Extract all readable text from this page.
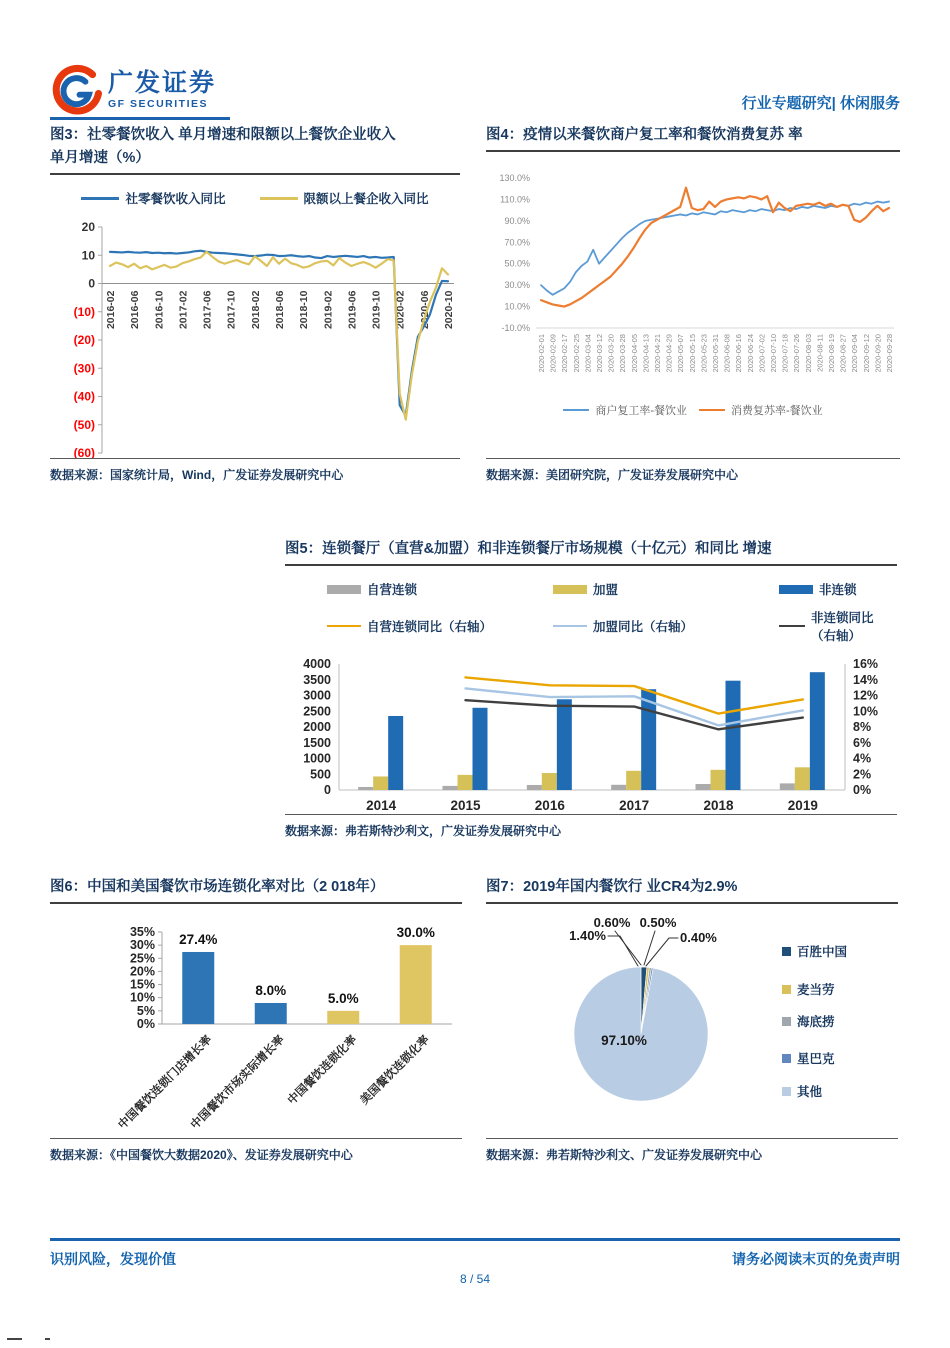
广发证券
GF SECURITIES	行业专题研究| 休闲服务
图3：社零餐饮收入 单月增速和限额以上餐饮企业收入
单月增速（%）
社零餐饮收入同比	限额以上餐企收入同比
20
10
0
(10)
(20)
(30)
(40)
(50)
(60)
2016-02 2016-06 2016-10 2017-02 2017-06 2017-10 2018-02 2018-06 2018-10 2019-02 2019-06 2019-10 2020-02 2020-06 2020-10
数据来源：国家统计局，Wind，广发证券发展研究中心
图4：疫情以来餐饮商户复工率和餐饮消费复苏 率
130.0%
110.0%
90.0%
70.0%
50.0%
30.0%
10.0%
-10.0%
2020-02-01 2020-02-09 2020-02-17 2020-02-25 2020-03-04 2020-03-12 2020-03-20 2020-03-28 2020-04-05 2020-04-13 2020-04-21 2020-04-29 2020-05-07 2020-05-15 2020-05-23 2020-05-31 2020-06-08 2020-06-16 2020-06-24 2020-07-02 2020-07-10 2020-07-18 2020-07-26 2020-08-03 2020-08-11 2020-08-19 2020-08-27 2020-09-04 2020-09-12 2020-09-20 2020-09-28
商户复工率-餐饮业	消费复苏率-餐饮业
数据来源：美团研究院，广发证券发展研究中心
图5：连锁餐厅（直营&加盟）和非连锁餐厅市场规模（十亿元）和同比 增速
自营连锁	加盟	非连锁
自营连锁同比（右轴）	加盟同比（右轴）
非连锁同比（右轴）
0
500
1000
1500
2000
2500
3000
3500
4000
0%
2%
4%
6%
8%
10%
12%
14%
16%
2014	2015	2016	2017	2018	2019
数据来源：弗若斯特沙利文，广发证券发展研究中心
图6：中国和美国餐饮市场连锁化率对比（2 018年）
0%
5%
10%
15%
20%
25%
30%
35% 27.4%
中国餐饮连锁门店增长率
8.0%
中国餐饮市场实际增长率
5.0%
中国餐饮连锁化率
30.0%
美国餐饮连锁化率
数据来源：《中国餐饮大数据2020》、发证券发展研究中心
图7：2019年国内餐饮行 业CR4为2.9%
1.40%
0.60% 0.50%
0.40%
97.10%
百胜中国
麦当劳
海底捞
星巴克
其他
数据来源：弗若斯特沙利文、广发证券发展研究中心
识别风险，发现价值	请务必阅读末页的免责声明
8 / 54
